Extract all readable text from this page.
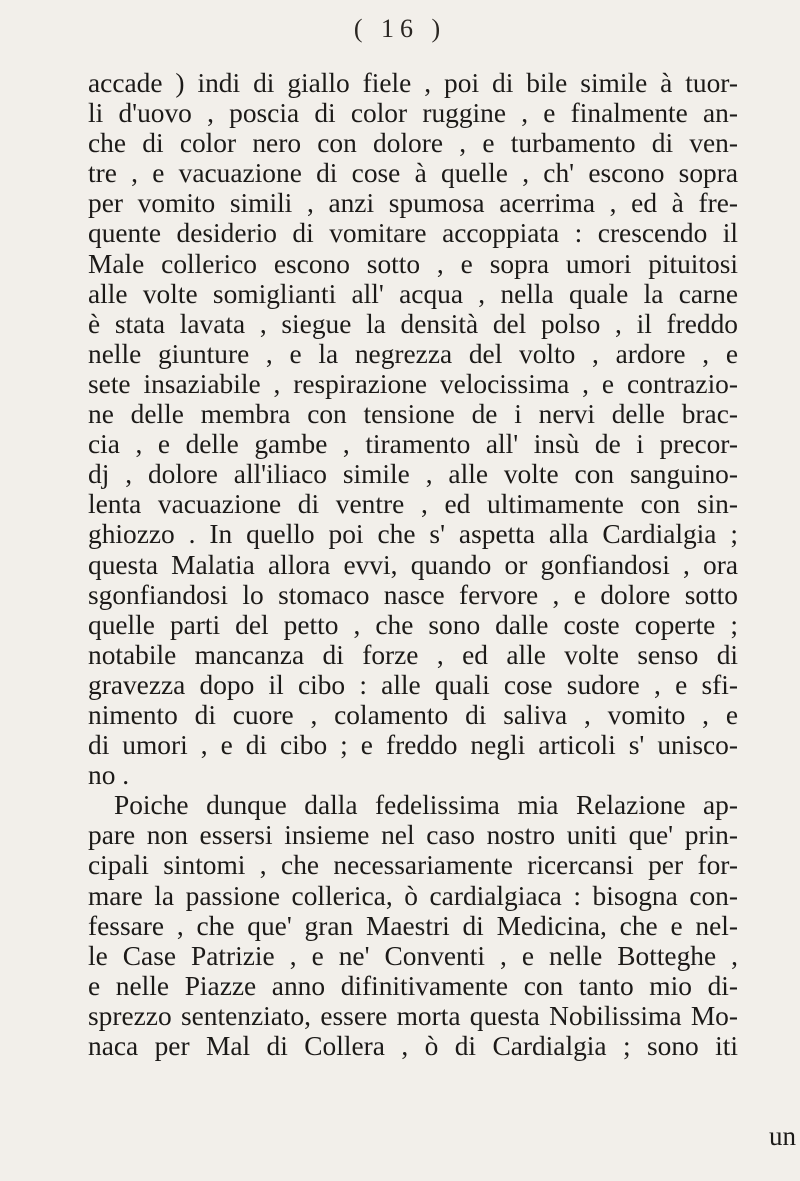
( 16 )
accade ) indi di giallo fiele , poi di bile simile à tuor-
li d'uovo , poscia di color ruggine , e finalmente an-
che di color nero con dolore , e turbamento di ven-
tre , e vacuazione di cose à quelle , ch' escono sopra
per vomito simili , anzi spumosa acerrima , ed à fre-
quente desiderio di vomitare accoppiata : crescendo il
Male collerico escono sotto , e sopra umori pituitosi
alle volte somiglianti all' acqua , nella quale la carne
è stata lavata , siegue la densità del polso , il freddo
nelle giunture , e la negrezza del volto , ardore , e
sete insaziabile , respirazione velocissima , e contrazio-
ne delle membra con tensione de i nervi delle brac-
cia , e delle gambe , tiramento all' insù de i precor-
dj , dolore all'iliaco simile , alle volte con sanguino-
lenta vacuazione di ventre , ed ultimamente con sin-
ghiozzo . In quello poi che s' aspetta alla Cardialgia ;
questa Malatia allora evvi, quando or gonfiandosi , ora
sgonfiandosi lo stomaco nasce fervore , e dolore sotto
quelle parti del petto , che sono dalle coste coperte ;
notabile mancanza di forze , ed alle volte senso di
gravezza dopo il cibo : alle quali cose sudore , e sfi-
nimento di cuore , colamento di saliva , vomito , e
di umori , e di cibo ; e freddo negli articoli s' unisco-
no .
Poiche dunque dalla fedelissima mia Relazione ap-
pare non essersi insieme nel caso nostro uniti que' prin-
cipali sintomi , che necessariamente ricercansi per for-
mare la passione collerica, ò cardialgiaca : bisogna con-
fessare , che que' gran Maestri di Medicina, che e nel-
le Case Patrizie , e ne' Conventi , e nelle Botteghe ,
e nelle Piazze anno difinitivamente con tanto mio di-
sprezzo sentenziato, essere morta questa Nobilissima Mo-
naca per Mal di Collera , ò di Cardialgia ; sono iti
un
